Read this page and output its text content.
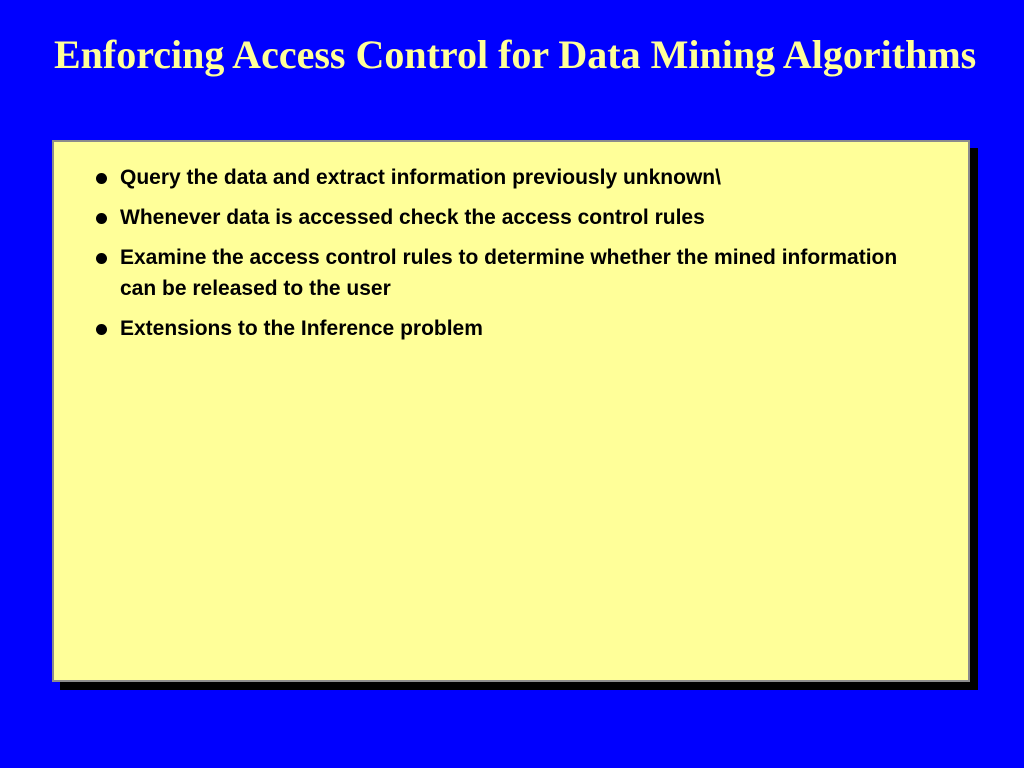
Enforcing Access Control for Data Mining Algorithms
Query the data and extract information previously unknown\
Whenever data is accessed check the access control rules
Examine the access control rules to determine whether the mined information can be released to the user
Extensions to the Inference problem
